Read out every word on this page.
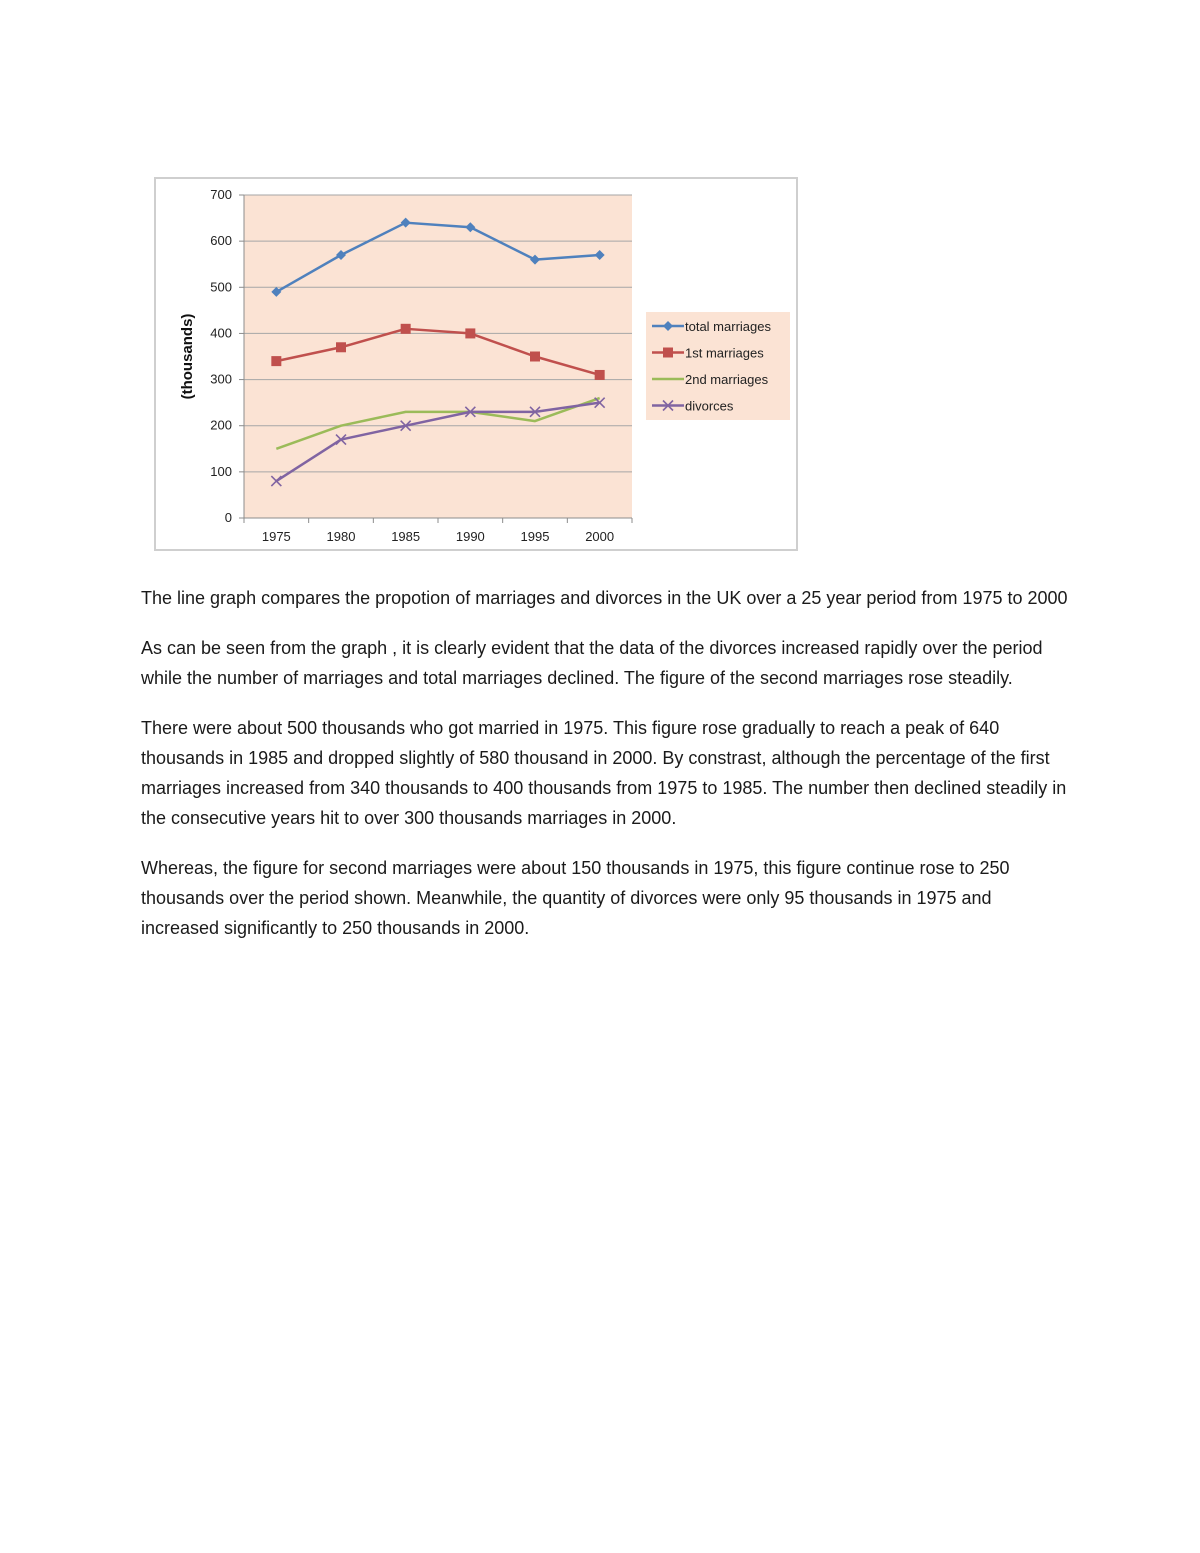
0
100
200
300
400
500
600
700
1975	1980	1985	1990	1995	2000
(thousands)	total marriages
1st marriages
2nd marriages
divorces

The line graph compares the propotion of marriages and divorces in the UK over a 25 year period from 1975 to 2000

As can be seen from the graph , it is clearly evident that the data of the divorces increased rapidly over the period while the number of marriages and total marriages declined. The figure of the second marriages rose steadily.

There were about 500 thousands who got married in 1975. This figure rose gradually to reach a peak of 640 thousands in 1985 and dropped slightly of 580 thousand in 2000. By constrast, although the percentage of the first marriages increased from 340 thousands to 400 thousands from 1975 to 1985. The number then declined steadily in the consecutive years hit to over 300 thousands marriages in 2000.

Whereas, the figure for second marriages were about 150 thousands in 1975, this figure continue rose to 250 thousands over the period shown. Meanwhile, the quantity of divorces were only 95 thousands in 1975 and increased significantly to 250 thousands in 2000.
